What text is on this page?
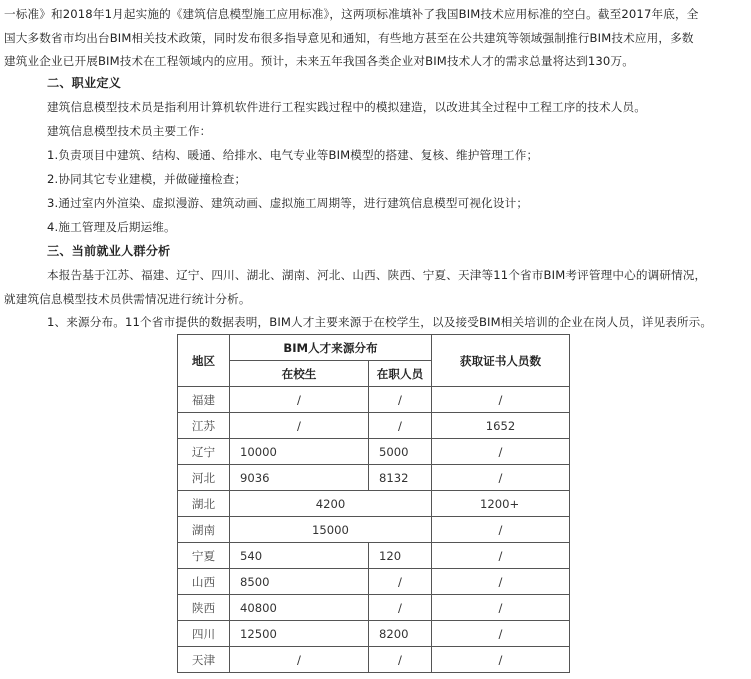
一标准》和2018年1月起实施的《建筑信息模型施工应用标准》，这两项标准填补了我国BIM技术应用标准的空白。截至2017年底，全
国大多数省市均出台BIM相关技术政策，同时发布很多指导意见和通知，有些地方甚至在公共建筑等领域强制推行BIM技术应用，多数
建筑业企业已开展BIM技术在工程领域内的应用。预计，未来五年我国各类企业对BIM技术人才的需求总量将达到130万。
二、职业定义
建筑信息模型技术员是指利用计算机软件进行工程实践过程中的模拟建造，以改进其全过程中工程工序的技术人员。
建筑信息模型技术员主要工作：
1.负责项目中建筑、结构、暖通、给排水、电气专业等BIM模型的搭建、复核、维护管理工作；
2.协同其它专业建模，并做碰撞检查；
3.通过室内外渲染、虚拟漫游、建筑动画、虚拟施工周期等，进行建筑信息模型可视化设计；
4.施工管理及后期运维。
三、当前就业人群分析
本报告基于江苏、福建、辽宁、四川、湖北、湖南、河北、山西、陕西、宁夏、天津等11个省市BIM考评管理中心的调研情况，
就建筑信息模型技术员供需情况进行统计分析。
1、来源分布。11个省市提供的数据表明，BIM人才主要来源于在校学生，以及接受BIM相关培训的企业在岗人员，详见表所示。
地区	BIM人才来源分布		获取证书人员数
	在校生	在职人员	
福建	/	/	/
江苏	/	/	1652
辽宁	10000	5000	/
河北	9036	8132	/
湖北	4200		1200+
湖南	15000		/
宁夏	540	120	/
山西	8500	/	/
陕西	40800	/	/
四川	12500	8200	/
天津	/	/	/
